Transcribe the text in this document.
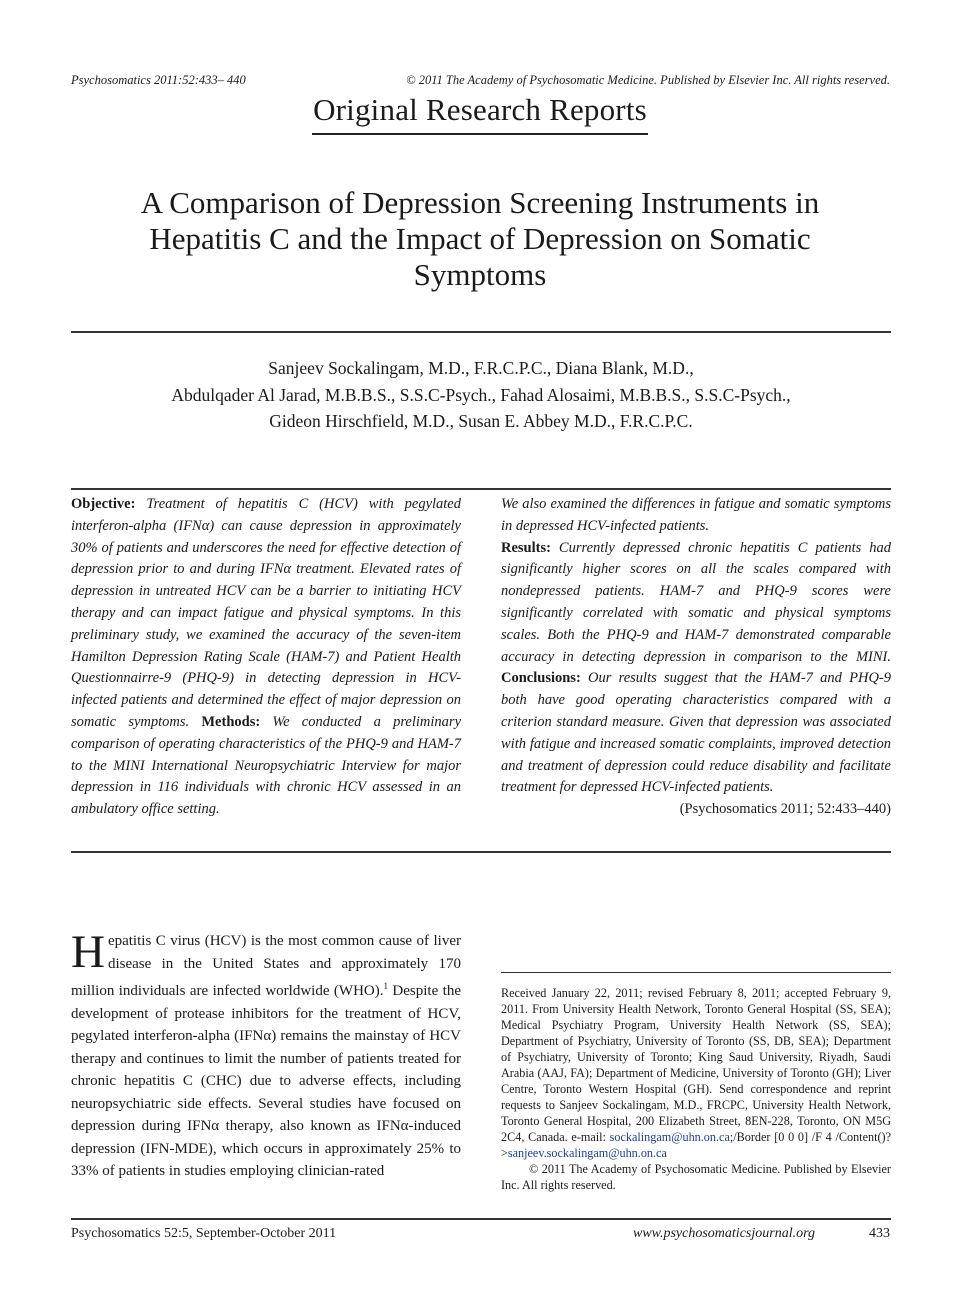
Psychosomatics 2011:52:433– 440	© 2011 The Academy of Psychosomatic Medicine. Published by Elsevier Inc. All rights reserved.
Original Research Reports
A Comparison of Depression Screening Instruments in Hepatitis C and the Impact of Depression on Somatic Symptoms
Sanjeev Sockalingam, M.D., F.R.C.P.C., Diana Blank, M.D.,
Abdulqader Al Jarad, M.B.B.S., S.S.C-Psych., Fahad Alosaimi, M.B.B.S., S.S.C-Psych.,
Gideon Hirschfield, M.D., Susan E. Abbey M.D., F.R.C.P.C.

Objective: Treatment of hepatitis C (HCV) with pegylated interferon-alpha (IFNα) can cause depression in approximately 30% of patients and underscores the need for effective detection of depression prior to and during IFNα treatment. Elevated rates of depression in untreated HCV can be a barrier to initiating HCV therapy and can impact fatigue and physical symptoms. In this preliminary study, we examined the accuracy of the seven-item Hamilton Depression Rating Scale (HAM-7) and Patient Health Questionnairre-9 (PHQ-9) in detecting depression in HCV-infected patients and determined the effect of major depression on somatic symptoms. Methods: We conducted a preliminary comparison of operating characteristics of the PHQ-9 and HAM-7 to the MINI International Neuropsychiatric Interview for major depression in 116 individuals with chronic HCV assessed in an ambulatory office setting.

We also examined the differences in fatigue and somatic symptoms in depressed HCV-infected patients.

Results: Currently depressed chronic hepatitis C patients had significantly higher scores on all the scales compared with nondepressed patients. HAM-7 and PHQ-9 scores were significantly correlated with somatic and physical symptoms scales. Both the PHQ-9 and HAM-7 demonstrated comparable accuracy in detecting depression in comparison to the MINI. Conclusions: Our results suggest that the HAM-7 and PHQ-9 both have good operating characteristics compared with a criterion standard measure. Given that depression was associated with fatigue and increased somatic complaints, improved detection and treatment of depression could reduce disability and facilitate treatment for depressed HCV-infected patients.

(Psychosomatics 2011; 52:433–440)

Hepatitis C virus (HCV) is the most common cause of liver disease in the United States and approximately 170 million individuals are infected worldwide (WHO).$^1$ Despite the development of protease inhibitors for the treatment of HCV, pegylated interferon-alpha (IFNα) remains the mainstay of HCV therapy and continues to limit the number of patients treated for chronic hepatitis C (CHC) due to adverse effects, including neuropsychiatric side effects. Several studies have focused on depression during IFNα therapy, also known as IFNα-induced depression (IFN-MDE), which occurs in approximately 25% to 33% of patients in studies employing clinician-rated

Received January 22, 2011; revised February 8, 2011; accepted February 9, 2011. From University Health Network, Toronto General Hospital (SS, SEA); Medical Psychiatry Program, University Health Network (SS, SEA); Department of Psychiatry, University of Toronto (SS, DB, SEA); Department of Psychiatry, University of Toronto; King Saud University, Riyadh, Saudi Arabia (AAJ, FA); Department of Medicine, University of Toronto (GH); Liver Centre, Toronto Western Hospital (GH). Send correspondence and reprint requests to Sanjeev Sockalingam, M.D., FRCPC, University Health Network, Toronto General Hospital, 200 Elizabeth Street, 8EN-228, Toronto, ON M5G 2C4, Canada. e-mail: sockalingam@uhn.on.ca;/Border [0 0 0] /F 4 /Content()?>sanjeev.sockalingam@uhn.on.ca

© 2011 The Academy of Psychosomatic Medicine. Published by Elsevier Inc. All rights reserved.

Psychosomatics 52:5, September-October 2011	www.psychosomaticsjournal.org	433
